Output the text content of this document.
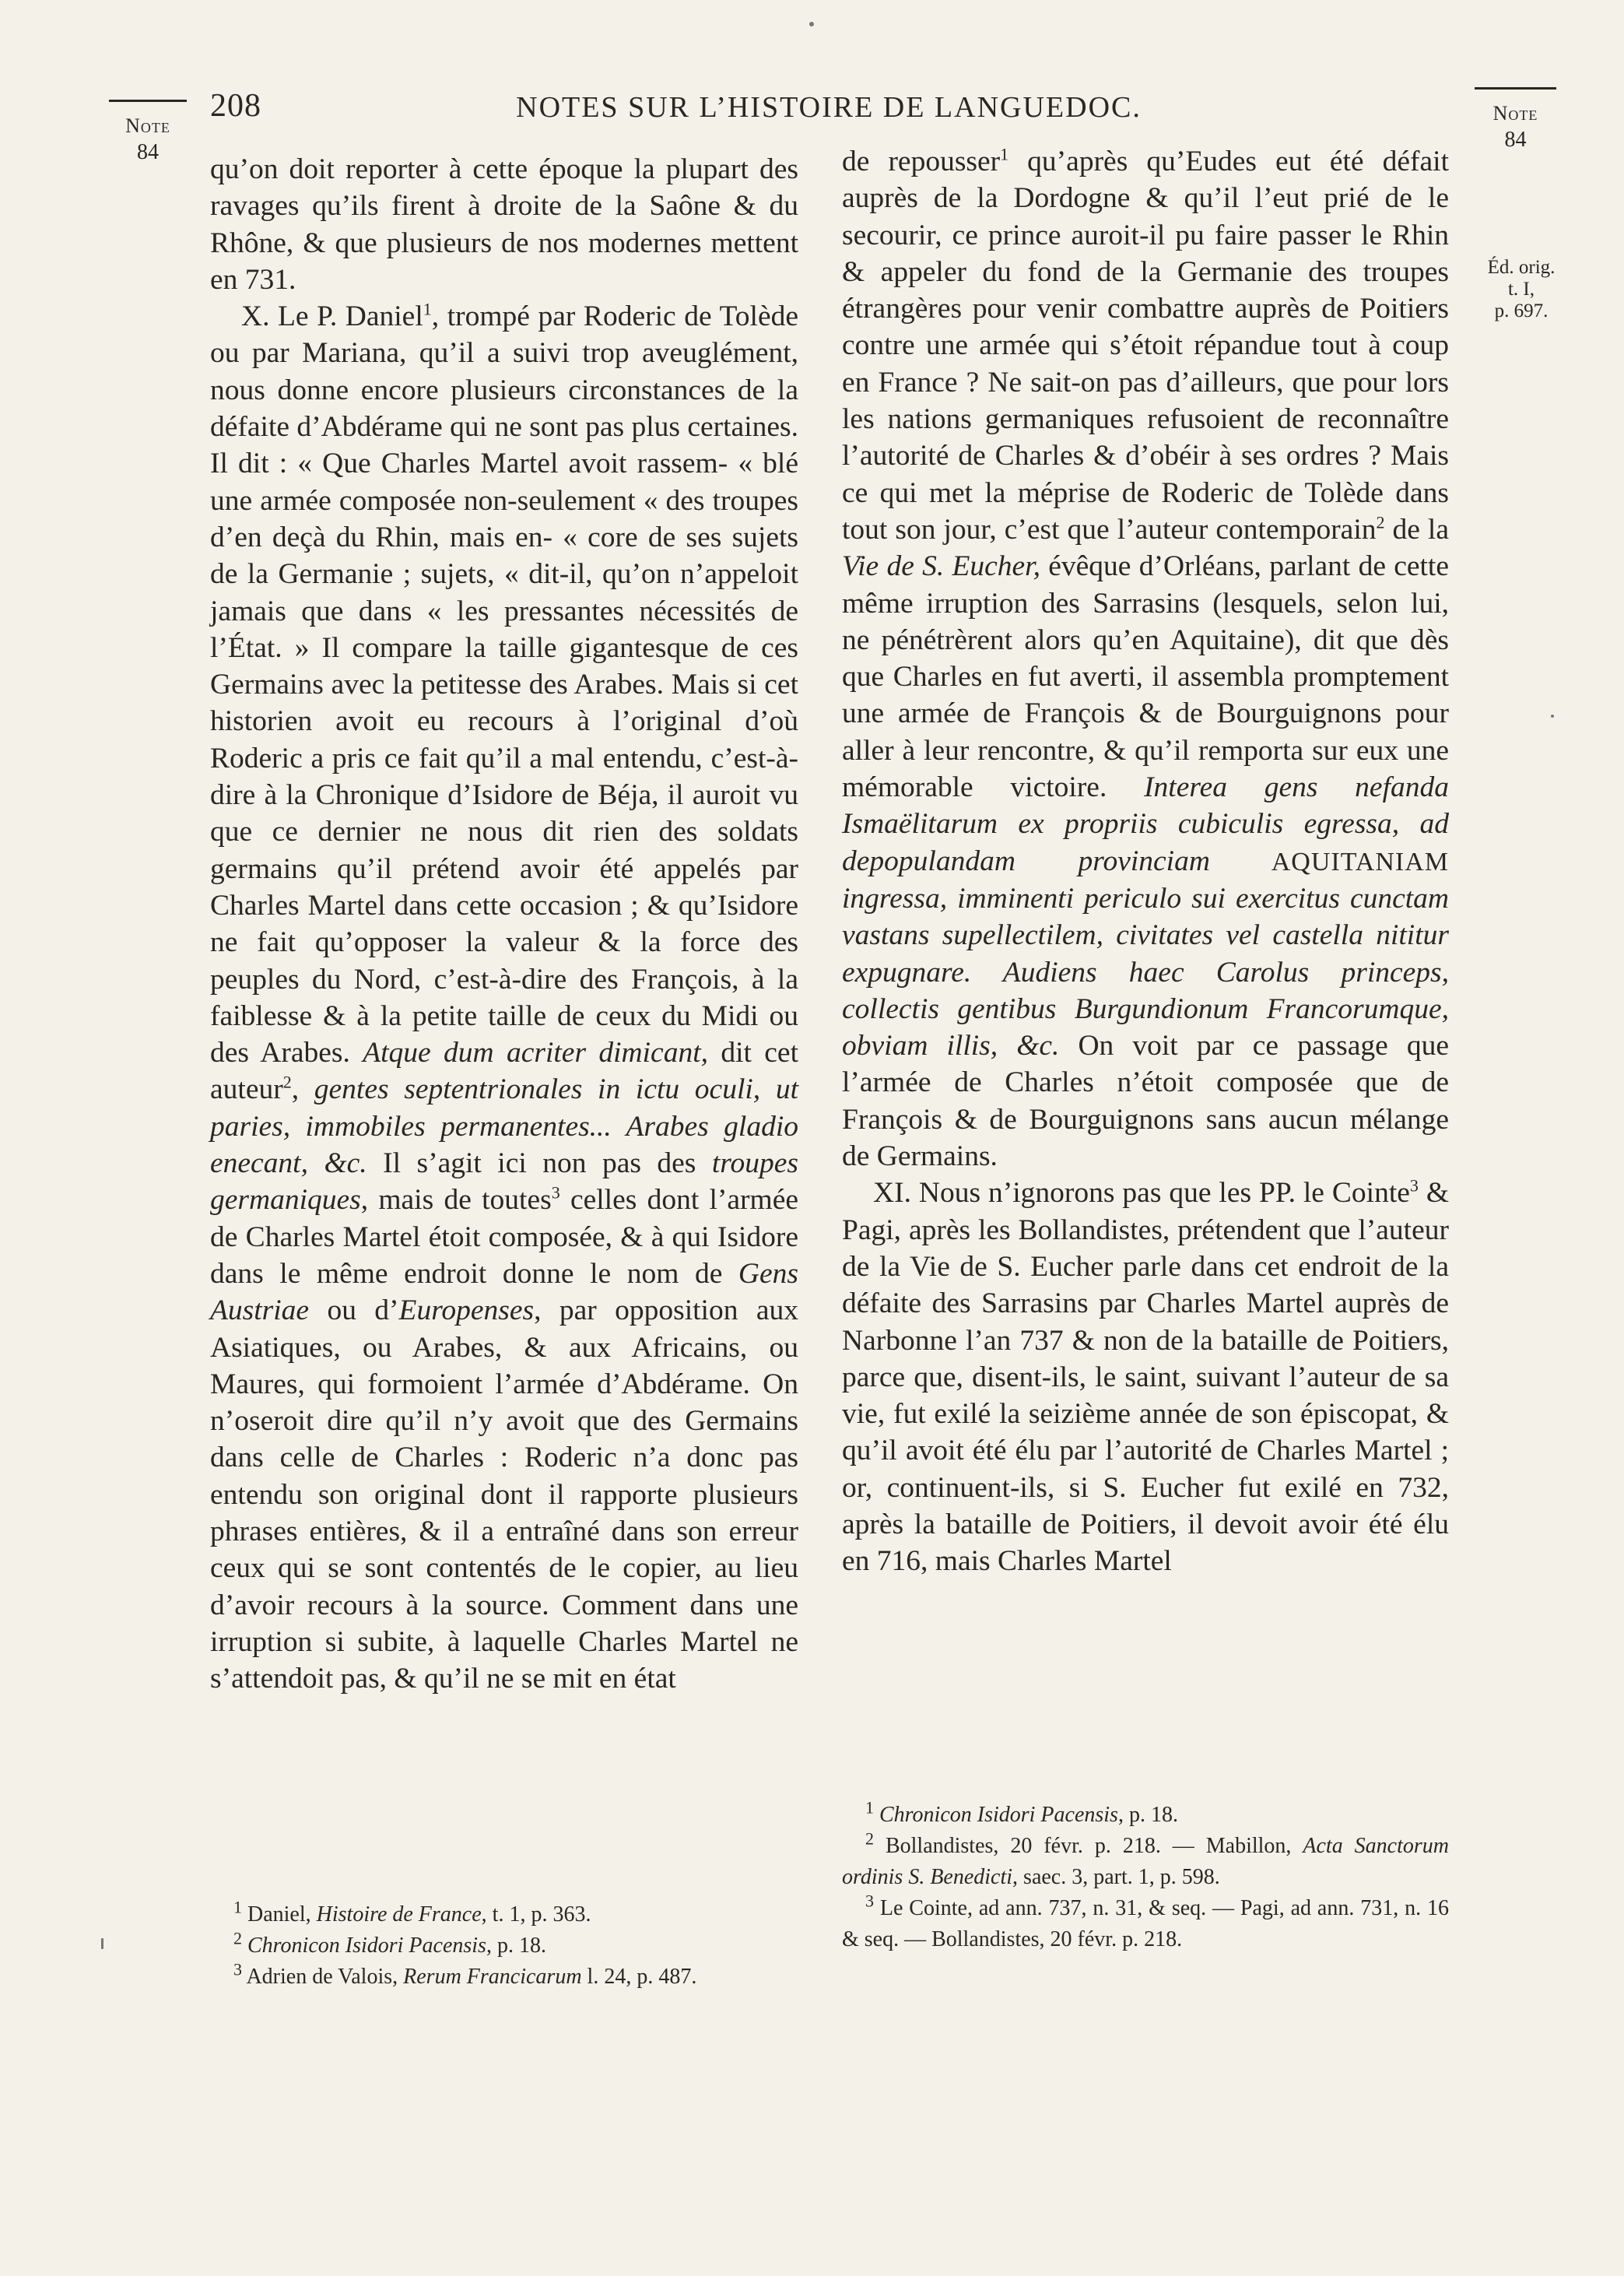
Note
84
208	NOTES SUR L’HISTOIRE DE LANGUEDOC.	Note
84
Éd. orig.
t. I,
p. 697.

qu’on doit reporter à cette époque la plupart des ravages qu’ils firent à droite de la Saône & du Rhône, & que plusieurs de nos modernes mettent en 731.

X. Le P. Daniel$^1$, trompé par Roderic de Tolède ou par Mariana, qu’il a suivi trop aveuglément, nous donne encore plusieurs circonstances de la défaite d’Abdérame qui ne sont pas plus certaines. Il dit : « Que Charles Martel avoit rassem- « blé une armée composée non-seulement « des troupes d’en deçà du Rhin, mais en- « core de ses sujets de la Germanie ; sujets, « dit-il, qu’on n’appeloit jamais que dans « les pressantes nécessités de l’État. » Il compare la taille gigantesque de ces Germains avec la petitesse des Arabes. Mais si cet historien avoit eu recours à l’original d’où Roderic a pris ce fait qu’il a mal entendu, c’est-à-dire à la Chronique d’Isidore de Béja, il auroit vu que ce dernier ne nous dit rien des soldats germains qu’il prétend avoir été appelés par Charles Martel dans cette occasion ; & qu’Isidore ne fait qu’opposer la valeur & la force des peuples du Nord, c’est-à-dire des François, à la faiblesse & à la petite taille de ceux du Midi ou des Arabes. Atque dum acriter dimicant, dit cet auteur$^2$, gentes septentrionales in ictu oculi, ut paries, immobiles permanentes... Arabes gladio enecant, &c. Il s’agit ici non pas des troupes germaniques, mais de toutes$^3$ celles dont l’armée de Charles Martel étoit composée, & à qui Isidore dans le même endroit donne le nom de Gens Austriae ou d’Europenses, par opposition aux Asiatiques, ou Arabes, & aux Africains, ou Maures, qui formoient l’armée d’Abdérame. On n’oseroit dire qu’il n’y avoit que des Germains dans celle de Charles : Roderic n’a donc pas entendu son original dont il rapporte plusieurs phrases entières, & il a entraîné dans son erreur ceux qui se sont contentés de le copier, au lieu d’avoir recours à la source. Comment dans une irruption si subite, à laquelle Charles Martel ne s’attendoit pas, & qu’il ne se mit en état

de repousser$^1$ qu’après qu’Eudes eut été défait auprès de la Dordogne & qu’il l’eut prié de le secourir, ce prince auroit-il pu faire passer le Rhin & appeler du fond de la Germanie des troupes étrangères pour venir combattre auprès de Poitiers contre une armée qui s’étoit répandue tout à coup en France ? Ne sait-on pas d’ailleurs, que pour lors les nations germaniques refusoient de reconnaître l’autorité de Charles & d’obéir à ses ordres ? Mais ce qui met la méprise de Roderic de Tolède dans tout son jour, c’est que l’auteur contemporain$^2$ de la Vie de S. Eucher, évêque d’Orléans, parlant de cette même irruption des Sarrasins (lesquels, selon lui, ne pénétrèrent alors qu’en Aquitaine), dit que dès que Charles en fut averti, il assembla promptement une armée de François & de Bourguignons pour aller à leur rencontre, & qu’il remporta sur eux une mémorable victoire. Interea gens nefanda Ismaëlitarum ex propriis cubiculis egressa, ad depopulandam provinciam AQUITANIAM ingressa, imminenti periculo sui exercitus cunctam vastans supellectilem, civitates vel castella nititur expugnare. Audiens haec Carolus princeps, collectis gentibus Burgundionum Francorumque, obviam illis, &c. On voit par ce passage que l’armée de Charles n’étoit composée que de François & de Bourguignons sans aucun mélange de Germains.

XI. Nous n’ignorons pas que les PP. le Cointe$^3$ & Pagi, après les Bollandistes, prétendent que l’auteur de la Vie de S. Eucher parle dans cet endroit de la défaite des Sarrasins par Charles Martel auprès de Narbonne l’an 737 & non de la bataille de Poitiers, parce que, disent-ils, le saint, suivant l’auteur de sa vie, fut exilé la seizième année de son épiscopat, & qu’il avoit été élu par l’autorité de Charles Martel ; or, continuent-ils, si S. Eucher fut exilé en 732, après la bataille de Poitiers, il devoit avoir été élu en 716, mais Charles Martel

$^1$ Daniel, Histoire de France, t. 1, p. 363.

$^2$ Chronicon Isidori Pacensis, p. 18.

$^3$ Adrien de Valois, Rerum Francicarum l. 24, p. 487.

$^1$ Chronicon Isidori Pacensis, p. 18.

$^2$ Bollandistes, 20 févr. p. 218. — Mabillon, Acta Sanctorum ordinis S. Benedicti, saec. 3, part. 1, p. 598.

$^3$ Le Cointe, ad ann. 737, n. 31, & seq. — Pagi, ad ann. 731, n. 16 & seq. — Bollandistes, 20 févr. p. 218.
